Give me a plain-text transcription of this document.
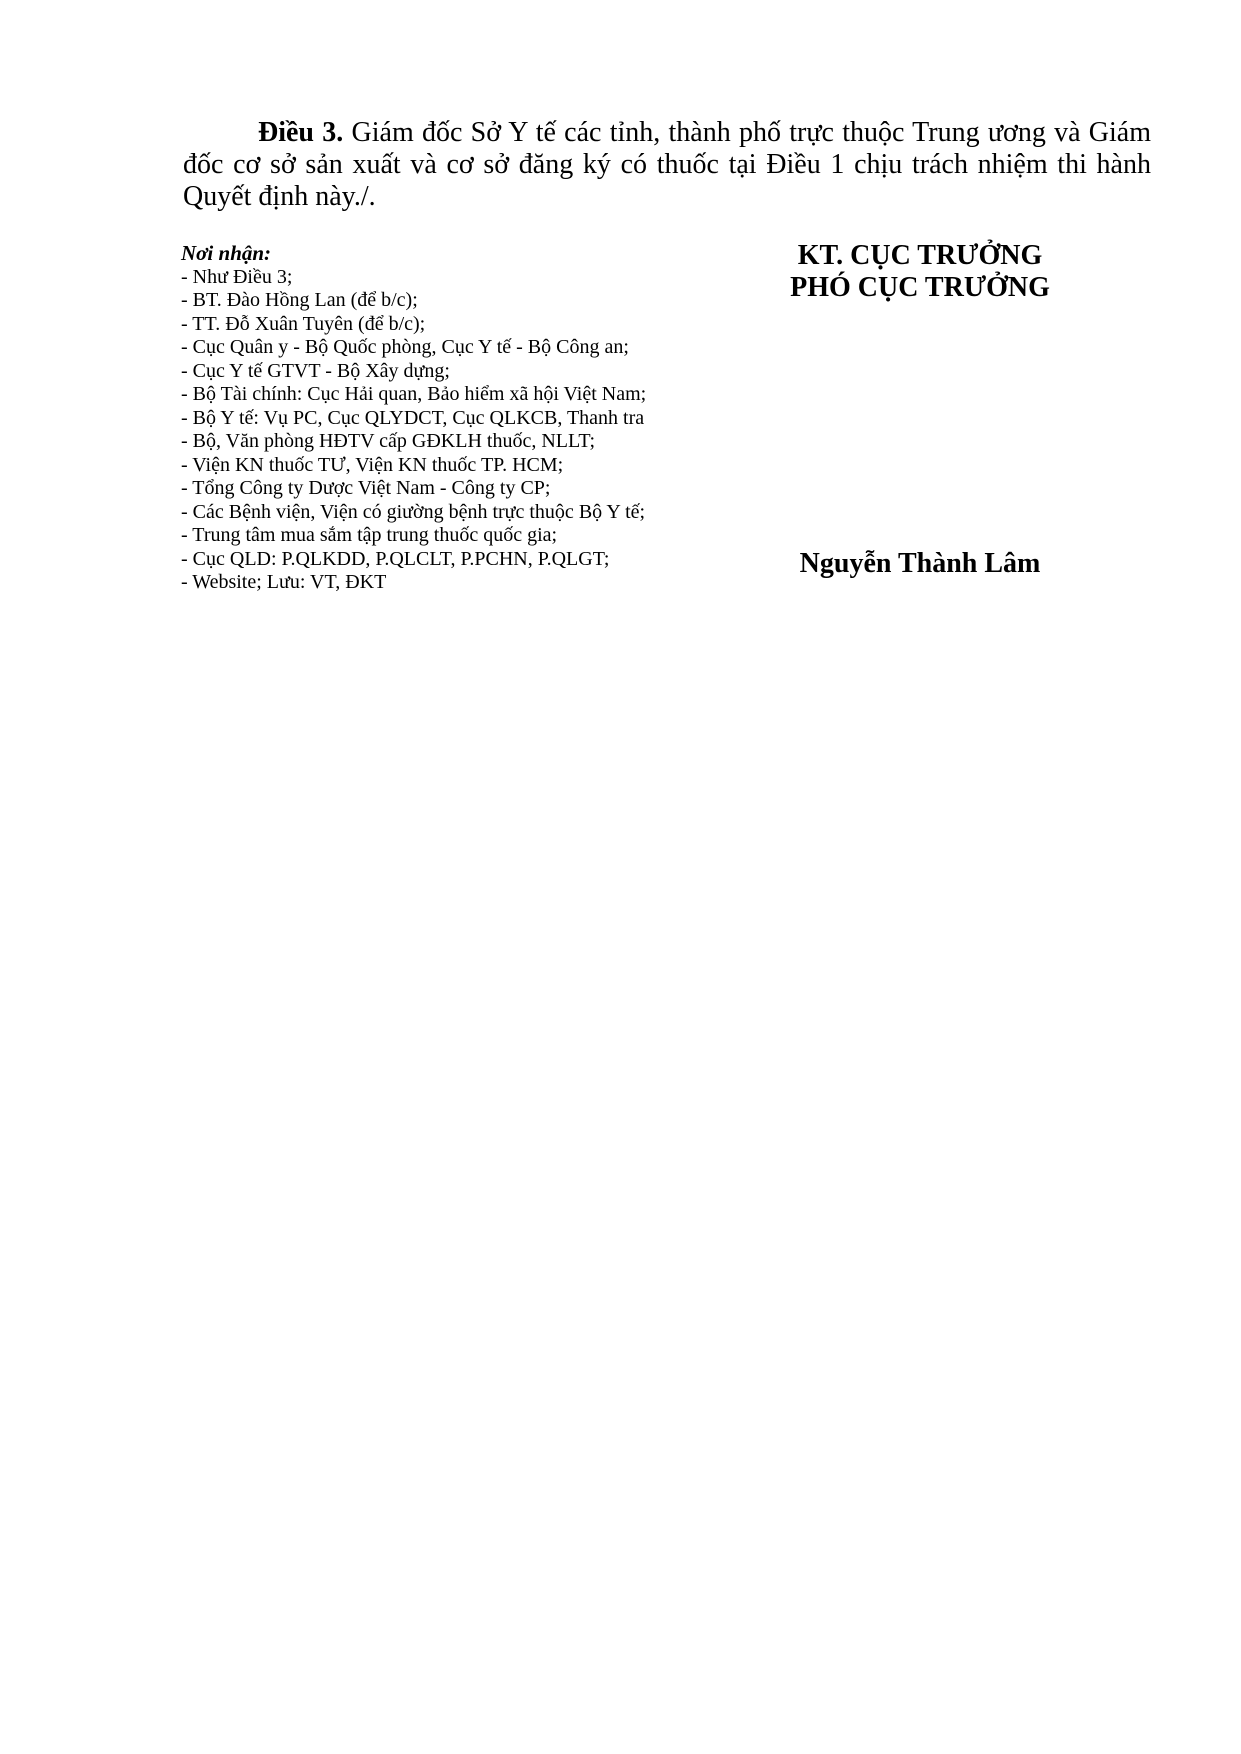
Điều 3. Giám đốc Sở Y tế các tỉnh, thành phố trực thuộc Trung ương và Giám đốc cơ sở sản xuất và cơ sở đăng ký có thuốc tại Điều 1 chịu trách nhiệm thi hành Quyết định này./.

Nơi nhận:

- Như Điều 3;
- BT. Đào Hồng Lan (để b/c);
- TT. Đỗ Xuân Tuyên (để b/c);
- Cục Quân y - Bộ Quốc phòng, Cục Y tế - Bộ Công an;
- Cục Y tế GTVT - Bộ Xây dựng;
- Bộ Tài chính: Cục Hải quan, Bảo hiểm xã hội Việt Nam;
- Bộ Y tế: Vụ PC, Cục QLYDCT, Cục QLKCB, Thanh tra
- Bộ, Văn phòng HĐTV cấp GĐKLH thuốc, NLLT;
- Viện KN thuốc TƯ, Viện KN thuốc TP. HCM;
- Tổng Công ty Dược Việt Nam - Công ty CP;
- Các Bệnh viện, Viện có giường bệnh trực thuộc Bộ Y tế;
- Trung tâm mua sắm tập trung thuốc quốc gia;
- Cục QLD: P.QLKDD, P.QLCLT, P.PCHN, P.QLGT;
- Website; Lưu: VT, ĐKT
KT. CỤC TRƯỞNG
PHÓ CỤC TRƯỞNG
Nguyễn Thành Lâm
